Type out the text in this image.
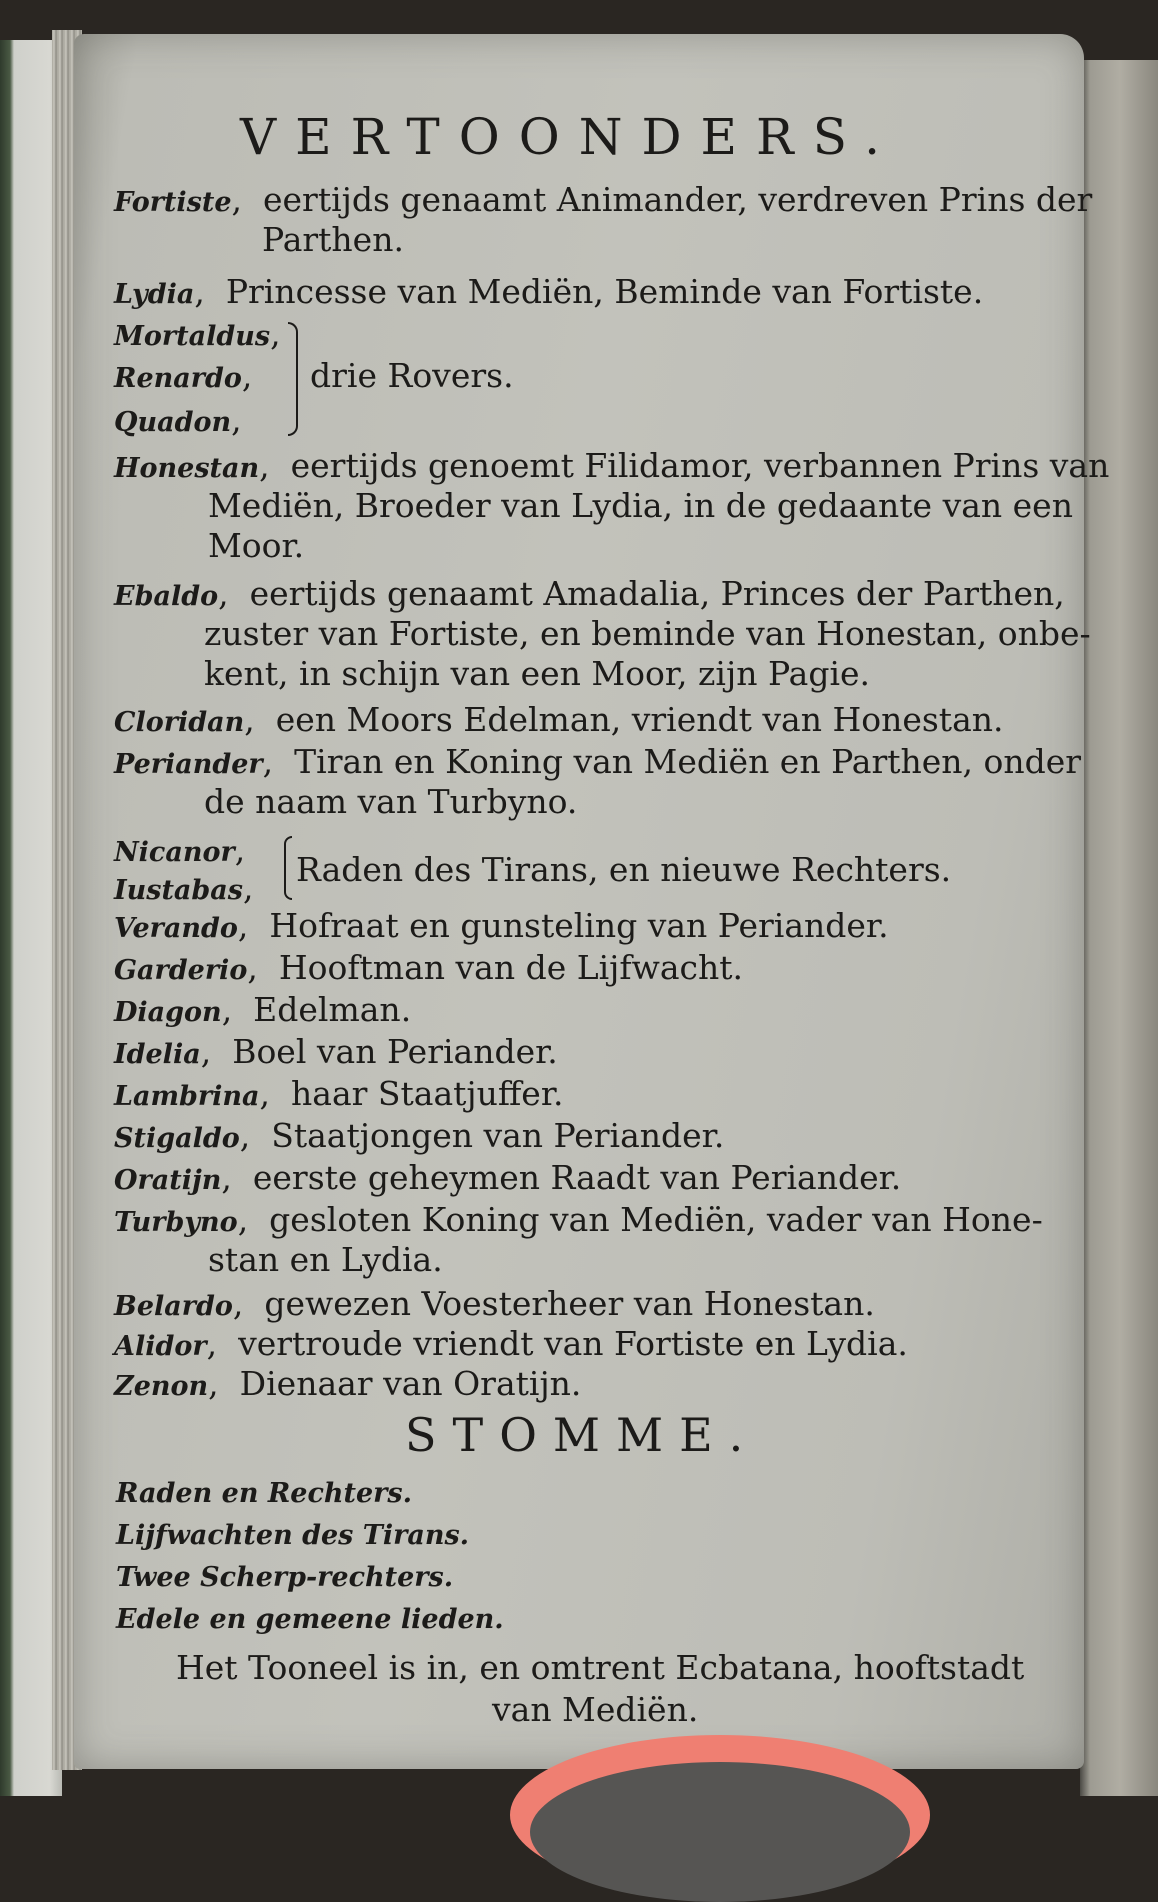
VERTOONDERS.
Fortiste,  eertijds genaamt Animander, verdreven Prins der
Parthen.
Lydia,  Princesse van Mediën, Beminde van Fortiste.
Mortaldus,
Renardo,
Quadon,
drie Rovers.
Honestan,  eertijds genoemt Filidamor, verbannen Prins van
Mediën, Broeder van Lydia, in de gedaante van een
Moor.
Ebaldo,  eertijds genaamt Amadalia, Princes der Parthen,
zuster van Fortiste, en beminde van Honestan, onbe-
kent, in schijn van een Moor, zijn Pagie.
Cloridan,  een Moors Edelman, vriendt van Honestan.
Periander,  Tiran en Koning van Mediën en Parthen, onder
de naam van Turbyno.
Nicanor,
Iustabas, Raden des Tirans, en nieuwe Rechters.
Verando,  Hofraat en gunsteling van Periander.
Garderio,  Hooftman van de Lijfwacht.
Diagon,  Edelman.
Idelia,  Boel van Periander.
Lambrina,  haar Staatjuffer.
Stigaldo,  Staatjongen van Periander.
Oratijn,  eerste geheymen Raadt van Periander.
Turbyno,  gesloten Koning van Mediën, vader van Hone-
stan en Lydia.
Belardo,  gewezen Voesterheer van Honestan.
Alidor,  vertroude vriendt van Fortiste en Lydia.
Zenon,  Dienaar van Oratijn.
STOMME.
Raden en Rechters.
Lijfwachten des Tirans.
Twee Scherp-rechters.
Edele en gemeene lieden.
Het Tooneel is in, en omtrent Ecbatana, hooftstadt
van Mediën.
